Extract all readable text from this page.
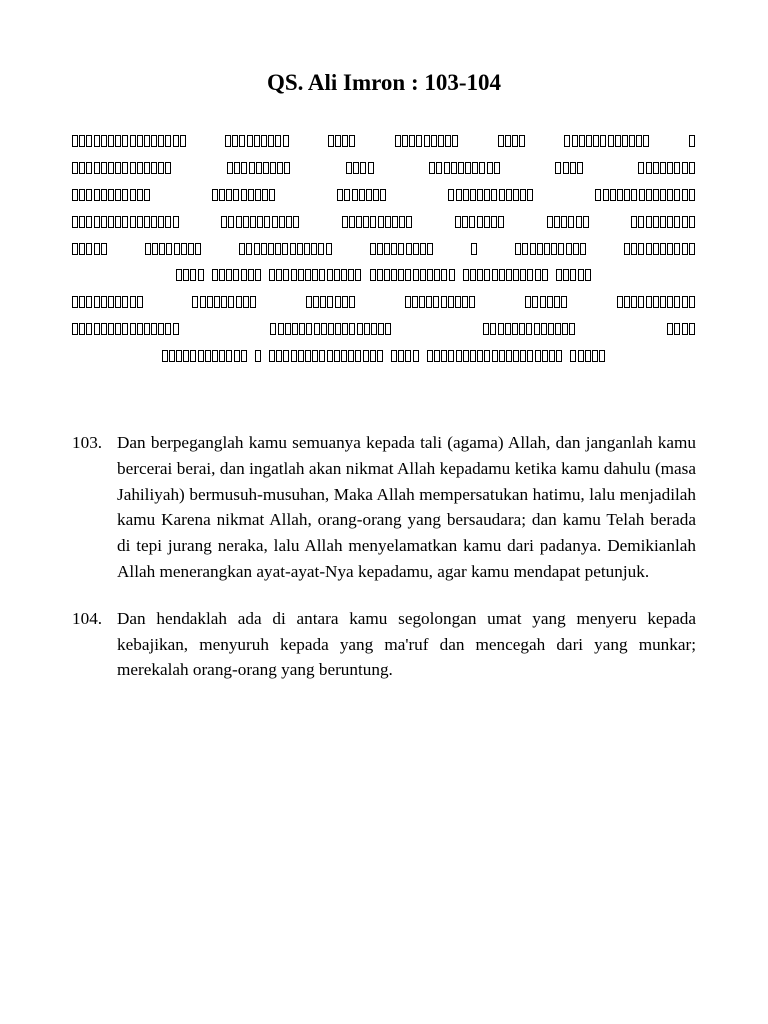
QS. Ali Imron : 103-104
103. Dan berpeganglah kamu semuanya kepada tali (agama) Allah, dan janganlah kamu bercerai berai, dan ingatlah akan nikmat Allah kepadamu ketika kamu dahulu (masa Jahiliyah) bermusuh-musuhan, Maka Allah mempersatukan hatimu, lalu menjadilah kamu Karena nikmat Allah, orang-orang yang bersaudara; dan kamu Telah berada di tepi jurang neraka, lalu Allah menyelamatkan kamu dari padanya. Demikianlah Allah menerangkan ayat-ayat-Nya kepadamu, agar kamu mendapat petunjuk.
104. Dan hendaklah ada di antara kamu segolongan umat yang menyeru kepada kebajikan, menyuruh kepada yang ma'ruf dan mencegah dari yang munkar; merekalah orang-orang yang beruntung.
